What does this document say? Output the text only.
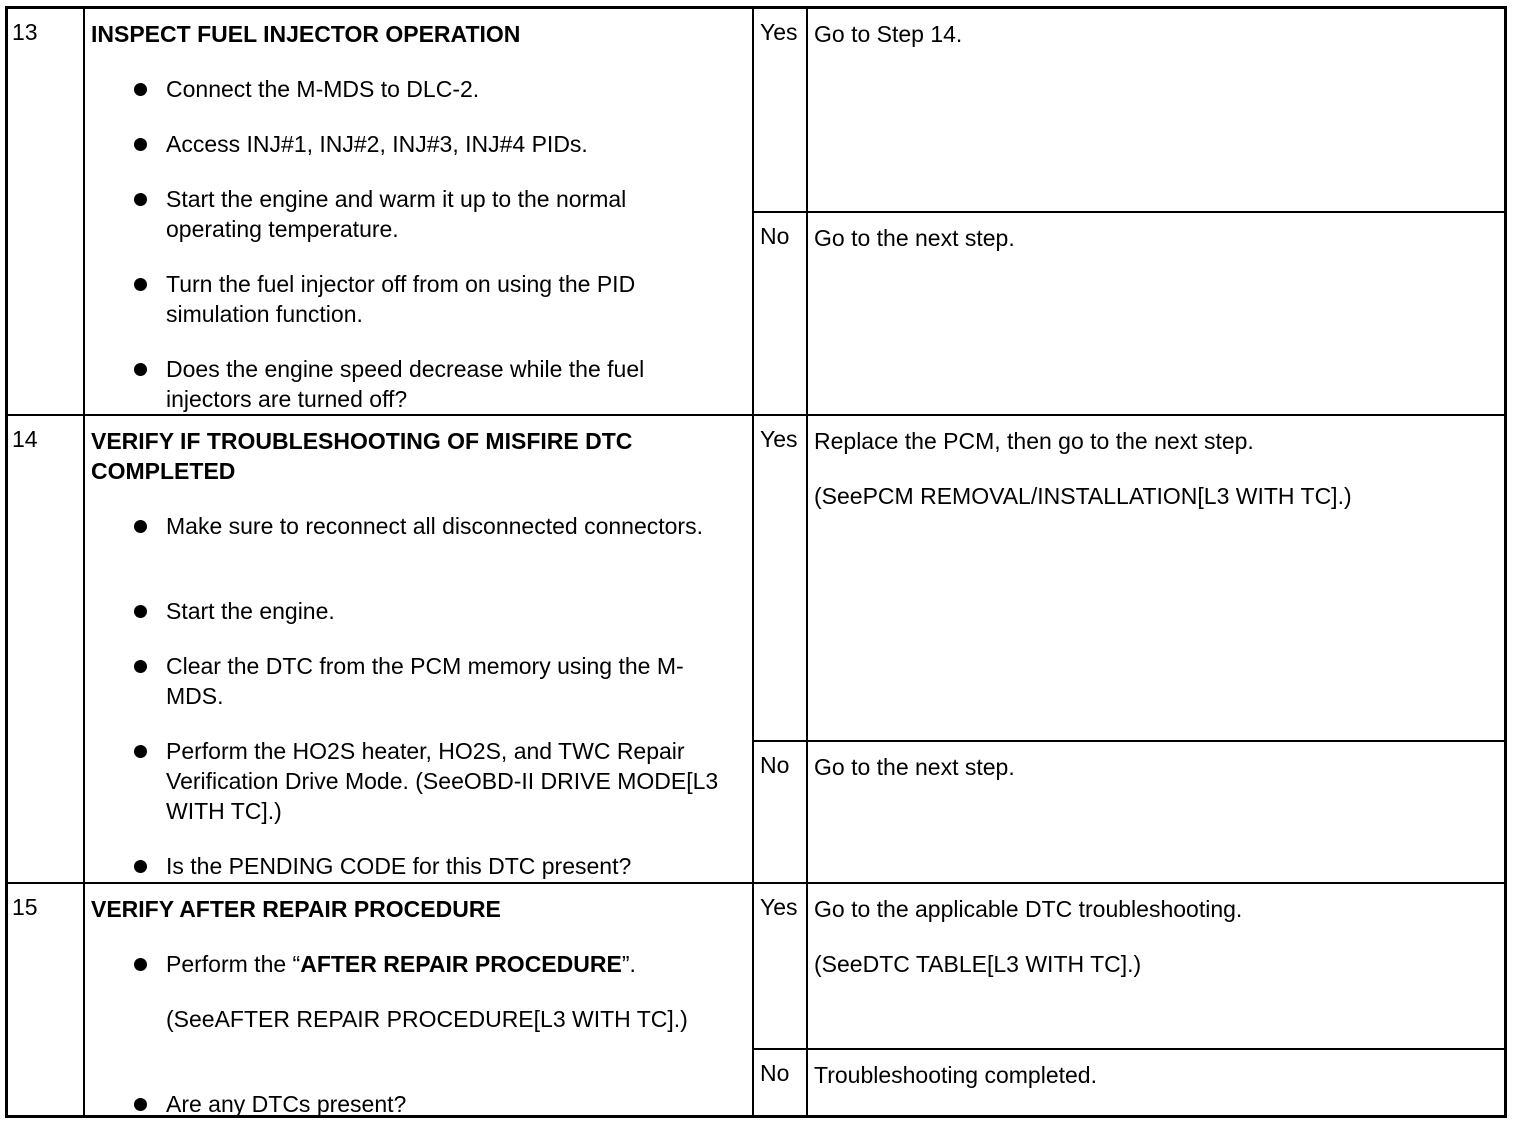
13 INSPECT FUEL INJECTOR OPERATION
Connect the M-MDS to DLC-2.
Access INJ#1, INJ#2, INJ#3, INJ#4 PIDs.
Start the engine and warm it up to the normal operating temperature.
Turn the fuel injector off from on using the PID simulation function.
Does the engine speed decrease while the fuel injectors are turned off?
Yes Go to Step 14.
No Go to the next step.
14 VERIFY IF TROUBLESHOOTING OF MISFIRE DTC COMPLETED
Make sure to reconnect all disconnected connectors.
Start the engine.
Clear the DTC from the PCM memory using the M-MDS.
Perform the HO2S heater, HO2S, and TWC Repair Verification Drive Mode. (SeeOBD-II DRIVE MODE[L3 WITH TC].)
Is the PENDING CODE for this DTC present?
Yes Replace the PCM, then go to the next step.
(SeePCM REMOVAL/INSTALLATION[L3 WITH TC].)
No Go to the next step.
15 VERIFY AFTER REPAIR PROCEDURE
Perform the “AFTER REPAIR PROCEDURE”.
(SeeAFTER REPAIR PROCEDURE[L3 WITH TC].)
Are any DTCs present?
Yes Go to the applicable DTC troubleshooting.
(SeeDTC TABLE[L3 WITH TC].)
No Troubleshooting completed.
